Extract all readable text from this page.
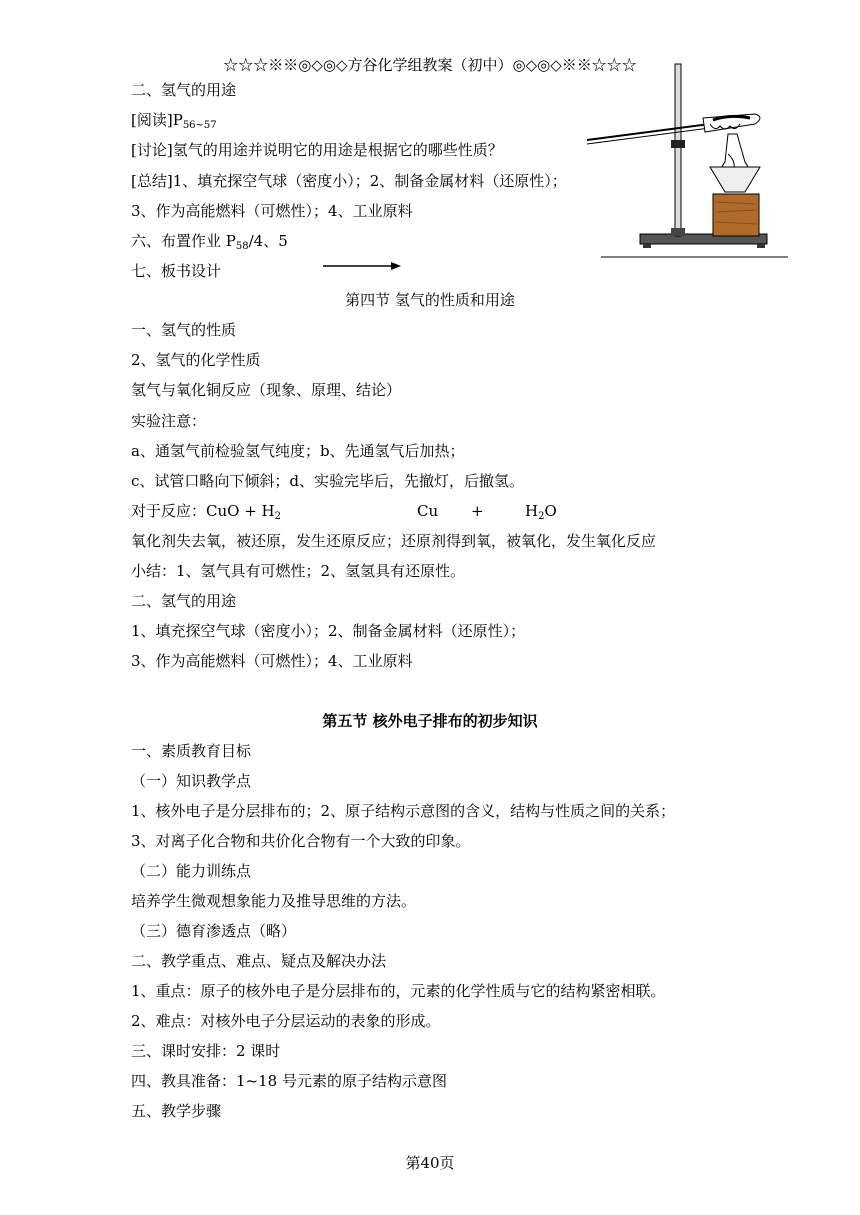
☆☆☆※※◎◇◎◇方谷化学组教案（初中）◎◇◎◇※※☆☆☆
二、氢气的用途
[阅读]$P_{56\sim 57}$
[讨论]氢气的用途并说明它的用途是根据它的哪些性质？
[总结]1、填充探空气球（密度小）；2、制备金属材料（还原性）；
3、作为高能燃料（可燃性）；4、工业原料
六、布置作业 $P_{58}/4$、5
七、板书设计
第四节 氢气的性质和用途
一、氢气的性质
2、氢气的化学性质
氢气与氧化铜反应（现象、原理、结论）
实验注意：
a、通氢气前检验氢气纯度；b、先通氢气后加热；
c、试管口略向下倾斜；d、实验完毕后，先撤灯，后撤氢。
对于反应：CuO + $H_2$	Cu +	$H_2O$
氧化剂失去氧，被还原，发生还原反应；还原剂得到氧，被氧化，发生氧化反应
小结：1、氢气具有可燃性；2、氢氢具有还原性。
二、氢气的用途
1、填充探空气球（密度小）；2、制备金属材料（还原性）；
3、作为高能燃料（可燃性）；4、工业原料
第五节 核外电子排布的初步知识
一、素质教育目标
（一）知识教学点
1、核外电子是分层排布的；2、原子结构示意图的含义，结构与性质之间的关系；
3、对离子化合物和共价化合物有一个大致的印象。
（二）能力训练点
培养学生微观想象能力及推导思维的方法。
（三）德育渗透点（略）
二、教学重点、难点、疑点及解决办法
1、重点：原子的核外电子是分层排布的，元素的化学性质与它的结构紧密相联。
2、难点：对核外电子分层运动的表象的形成。
三、课时安排：2 课时
四、教具准备：1~18 号元素的原子结构示意图
五、教学步骤
第40页
